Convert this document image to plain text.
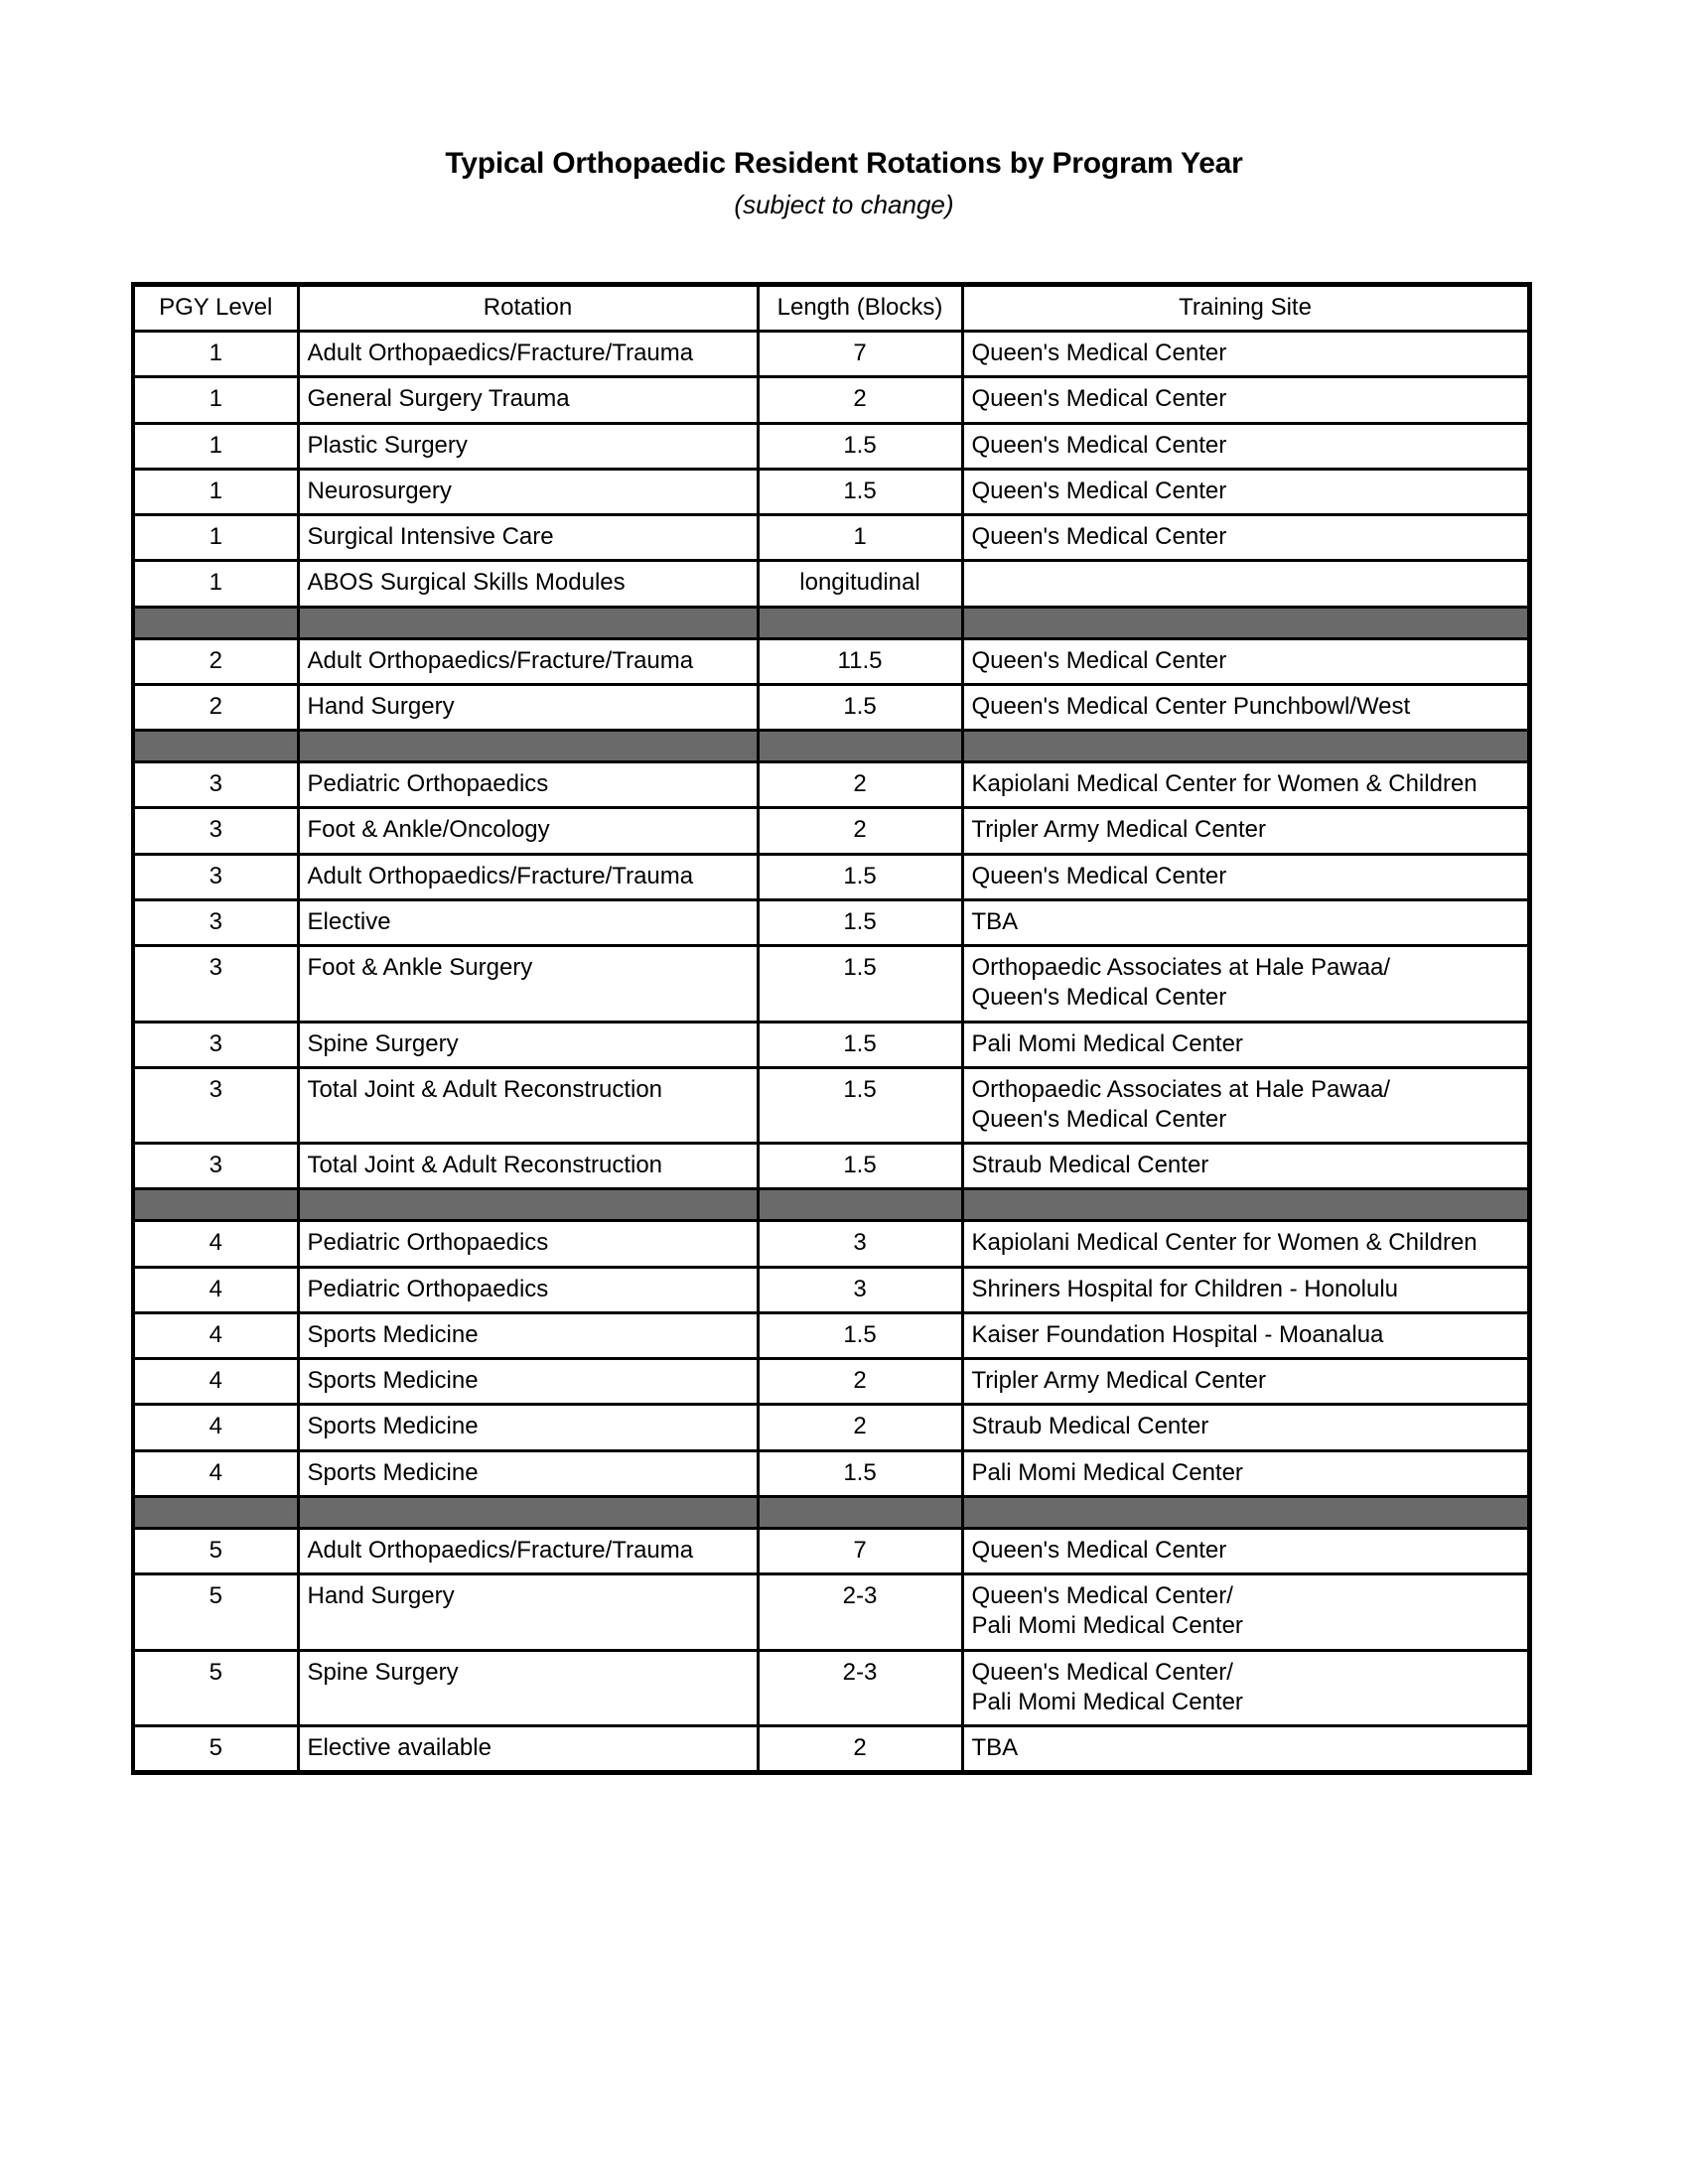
Typical Orthopaedic Resident Rotations by Program Year
(subject to change)
PGY Level	Rotation	Length (Blocks)	Training Site
1	Adult Orthopaedics/Fracture/Trauma	7	Queen's Medical Center

1	General Surgery Trauma	2	Queen's Medical Center

1	Plastic Surgery	1.5	Queen's Medical Center

1	Neurosurgery	1.5	Queen's Medical Center

1	Surgical Intensive Care	1	Queen's Medical Center

1	ABOS Surgical Skills Modules	longitudinal	

2	Adult Orthopaedics/Fracture/Trauma	11.5	Queen's Medical Center

2	Hand Surgery	1.5	Queen's Medical Center Punchbowl/West

3	Pediatric Orthopaedics	2	Kapiolani Medical Center for Women & Children

3	Foot & Ankle/Oncology	2	Tripler Army Medical Center

3	Adult Orthopaedics/Fracture/Trauma	1.5	Queen's Medical Center

3	Elective	1.5	TBA

3	Foot & Ankle Surgery	1.5	Orthopaedic Associates at Hale Pawaa/
Queen's Medical Center

3	Spine Surgery	1.5	Pali Momi Medical Center

3	Total Joint & Adult Reconstruction	1.5	Orthopaedic Associates at Hale Pawaa/
Queen's Medical Center

3	Total Joint & Adult Reconstruction	1.5	Straub Medical Center

4	Pediatric Orthopaedics	3	Kapiolani Medical Center for Women & Children

4	Pediatric Orthopaedics	3	Shriners Hospital for Children - Honolulu

4	Sports Medicine	1.5	Kaiser Foundation Hospital - Moanalua

4	Sports Medicine	2	Tripler Army Medical Center

4	Sports Medicine	2	Straub Medical Center

4	Sports Medicine	1.5	Pali Momi Medical Center

5	Adult Orthopaedics/Fracture/Trauma	7	Queen's Medical Center

5	Hand Surgery	2-3	Queen's Medical Center/
Pali Momi Medical Center

5	Spine Surgery	2-3	Queen's Medical Center/
Pali Momi Medical Center

5	Elective available	2	TBA
